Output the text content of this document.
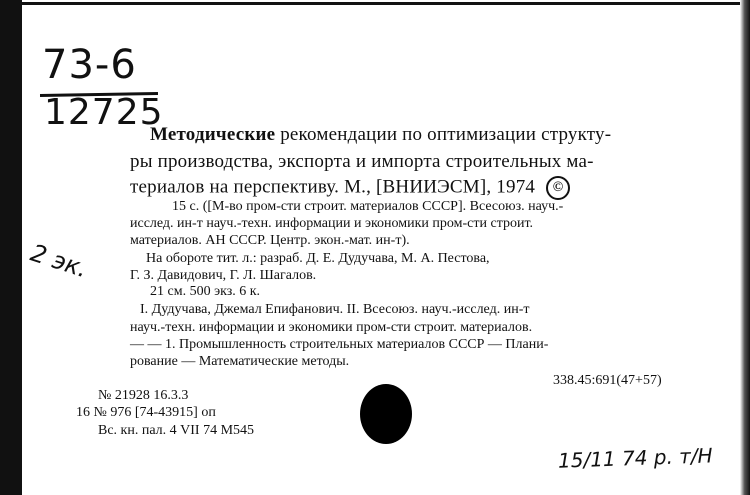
73-6
12725
2 эк.
Методические рекомендации по оптимизации структу-
ры производства, экспорта и импорта строительных ма-
териалов на перспективу. М., [ВНИИЭСМ], 1974 ©
15 с. ([М-во пром-сти строит. материалов СССР]. Всесоюз. науч.-
исслед. ин-т науч.-техн. информации и экономики пром-сти строит.
материалов. АН СССР. Центр. экон.-мат. ин-т).
На обороте тит. л.: разраб. Д. Е. Дудучава, М. А. Пестова,
Г. З. Давидович, Г. Л. Шагалов.
21 см. 500 экз. 6 к.
I. Дудучава, Джемал Епифанович. II. Всесоюз. науч.-исслед. ин-т
науч.-техн. информации и экономики пром-сти строит. материалов.
— — 1. Промышленность строительных материалов СССР — Плани-
рование — Математические методы.
338.45:691(47+57)
№ 21928 16.3.3
16 № 976 [74-43915] оп
Вс. кн. пал. 4 VII 74 М545
15/11 74 p. т/Н
